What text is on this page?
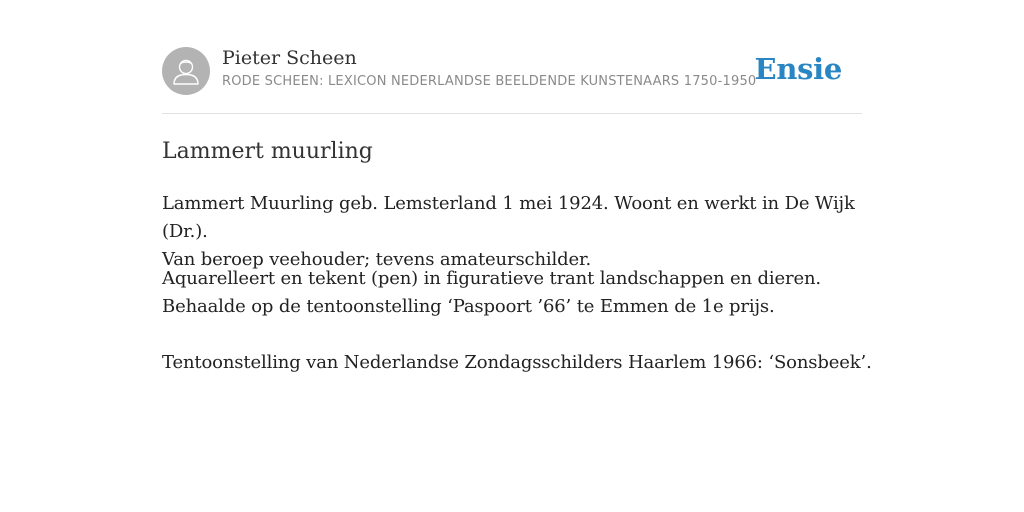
Pieter Scheen
RODE SCHEEN: LEXICON NEDERLANDSE BEELDENDE KUNSTENAARS 1750-1950
Ensie
Lammert muurling

Lammert Muurling geb. Lemsterland 1 mei 1924. Woont en werkt in De Wijk (Dr.).
Van beroep veehouder; tevens amateurschilder.

Aquarelleert en tekent (pen) in figuratieve trant landschappen en dieren.
Behaalde op de tentoonstelling ‘Paspoort ’66’ te Emmen de 1e prijs.

Tentoonstelling van Nederlandse Zondagsschilders Haarlem 1966: ‘Sonsbeek’.
